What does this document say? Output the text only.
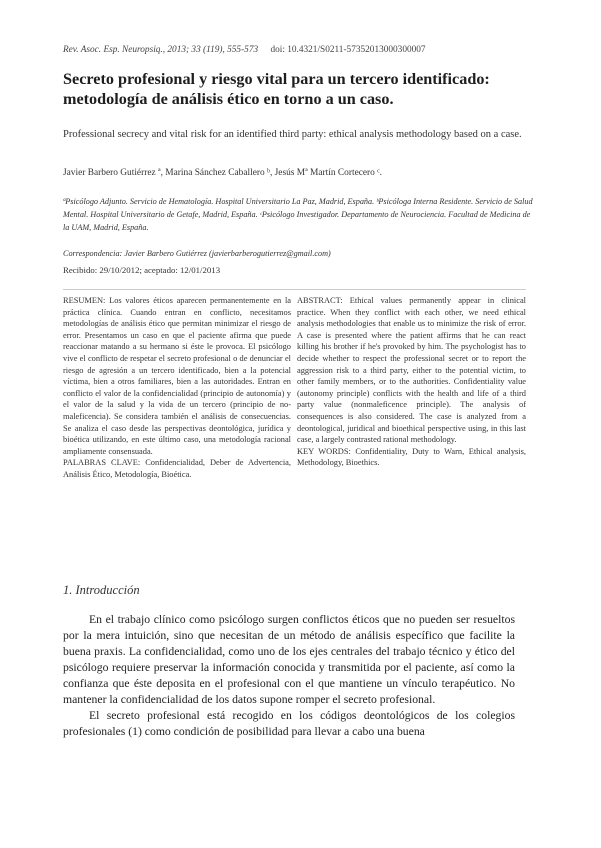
Rev. Asoc. Esp. Neuropsiq., 2013; 33 (119), 555-573 doi: 10.4321/S0211-57352013000300007
Secreto profesional y riesgo vital para un tercero identificado: metodología de análisis ético en torno a un caso.
Professional secrecy and vital risk for an identified third party: ethical analysis methodology based on a case.
Javier Barbero Gutiérrez ª, Marina Sánchez Caballero ᵇ, Jesús Mª Martín Cortecero ᶜ.
ªPsicólogo Adjunto. Servicio de Hematología. Hospital Universitario La Paz, Madrid, España. ᵇPsicóloga Interna Residente. Servicio de Salud Mental. Hospital Universitario de Getafe, Madrid, España. ᶜPsicólogo Investigador. Departamento de Neurociencia. Facultad de Medicina de la UAM, Madrid, España.
Correspondencia: Javier Barbero Gutiérrez (javierbarberogutierrez@gmail.com)
Recibido: 29/10/2012; aceptado: 12/01/2013

RESUMEN: Los valores éticos aparecen permanentemente en la práctica clínica. Cuando entran en conflicto, necesitamos metodologías de análisis ético que permitan minimizar el riesgo de error. Presentamos un caso en que el paciente afirma que puede reaccionar matando a su hermano si éste le provoca. El psicólogo vive el conflicto de respetar el secreto profesional o de denunciar el riesgo de agresión a un tercero identificado, bien a la potencial víctima, bien a otros familiares, bien a las autoridades. Entran en conflicto el valor de la confidencialidad (principio de autonomía) y el valor de la salud y la vida de un tercero (principio de no-maleficencia). Se considera también el análisis de consecuencias. Se analiza el caso desde las perspectivas deontológica, jurídica y bioética utilizando, en este último caso, una metodología racional ampliamente consensuada.

PALABRAS CLAVE: Confidencialidad, Deber de Advertencia, Análisis Ético, Metodología, Bioética.

ABSTRACT: Ethical values permanently appear in clinical practice. When they conflict with each other, we need ethical analysis methodologies that enable us to minimize the risk of error. A case is presented where the patient affirms that he can react killing his brother if he's provoked by him. The psychologist has to decide whether to respect the professional secret or to report the aggression risk to a third party, either to the potential victim, to other family members, or to the authorities. Confidentiality value (autonomy principle) conflicts with the health and life of a third party value (nonmaleficence principle). The analysis of consequences is also considered. The case is analyzed from a deontological, juridical and bioethical perspective using, in this last case, a largely contrasted rational methodology.

KEY WORDS: Confidentiality, Duty to Warn, Ethical analysis, Methodology, Bioethics.

1. Introducción

En el trabajo clínico como psicólogo surgen conflictos éticos que no pueden ser resueltos por la mera intuición, sino que necesitan de un método de análisis específico que facilite la buena praxis. La confidencialidad, como uno de los ejes centrales del trabajo técnico y ético del psicólogo requiere preservar la información conocida y transmitida por el paciente, así como la confianza que éste deposita en el profesional con el que mantiene un vínculo terapéutico. No mantener la confidencialidad de los datos supone romper el secreto profesional.

El secreto profesional está recogido en los códigos deontológicos de los colegios profesionales (1) como condición de posibilidad para llevar a cabo una buena
